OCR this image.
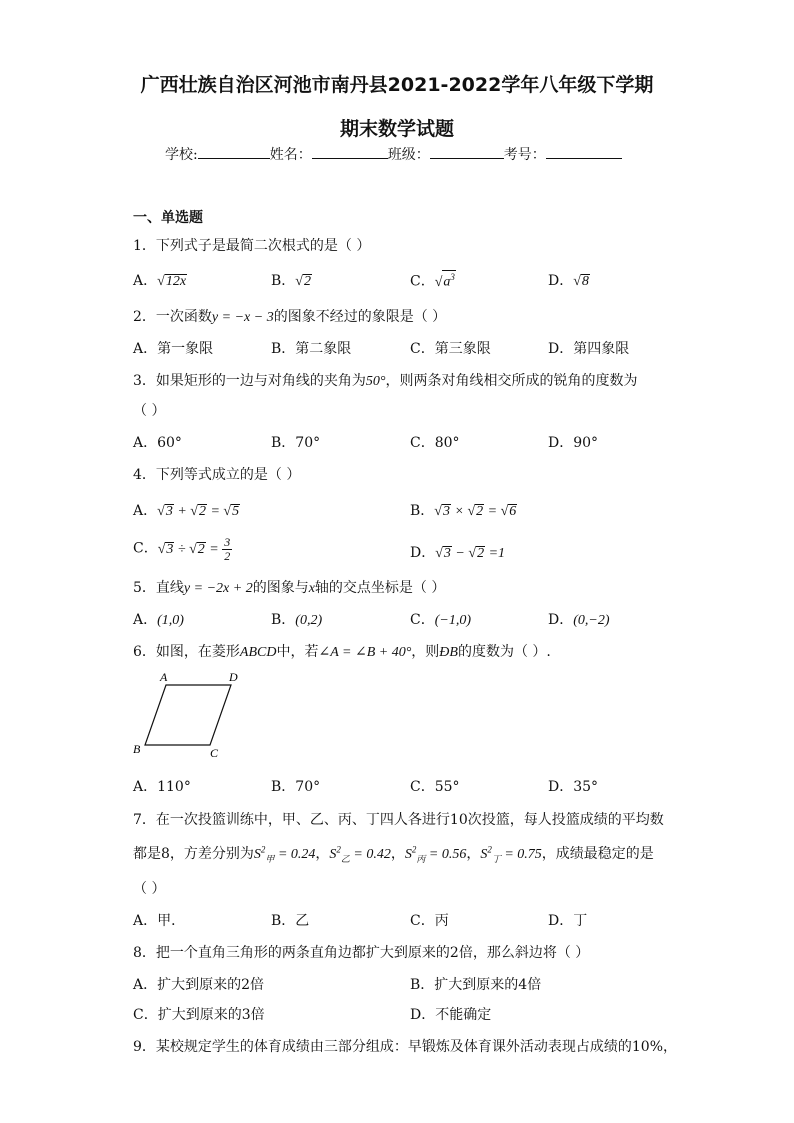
广西壮族自治区河池市南丹县2021-2022学年八年级下学期
期末数学试题
学校:	姓名：	班级：	考号：
一、单选题
1．下列式子是最简二次根式的是（ ）
A．√12x	B．√2	C．$√a^3$	D．√8
2．一次函数y = −x − 3的图象不经过的象限是（ ）
A．第一象限	B．第二象限	C．第三象限	D．第四象限
3．如果矩形的一边与对角线的夹角为50°，则两条对角线相交所成的锐角的度数为
（ ）
A．60°	B．70°	C．80°	D．90°
4．下列等式成立的是（ ）
A．√3 + √2 = √5	B．√3 × √2 = √6
C．$√3 \div √2 = \frac{3}{2}$	D．√3 − √2 =1
5．直线y = −2x + 2的图象与x轴的交点坐标是（ ）
A．(1,0)	B．(0,2)	C．(−1,0)	D．(0,−2)
6．如图，在菱形ABCD中，若∠A = ∠B + 40°，则ÐB的度数为（ ）.
A	D
B	C
A．110°	B．70°	C．55°	D．35°
7．在一次投篮训练中，甲、乙、丙、丁四人各进行10次投篮，每人投篮成绩的平均数
都是8，方差分别为$S^2_甲 = 0.24$，$S^2_乙 = 0.42$，$S^2_丙 = 0.56$，$S^2_丁 = 0.75$，成绩最稳定的是
（ ）
A．甲．	B．乙	C．丙	D．丁
8．把一个直角三角形的两条直角边都扩大到原来的2倍，那么斜边将（ ）
A．扩大到原来的2倍	B．扩大到原来的4倍
C．扩大到原来的3倍	D．不能确定
9．某校规定学生的体育成绩由三部分组成：早锻炼及体育课外活动表现占成绩的10%，
